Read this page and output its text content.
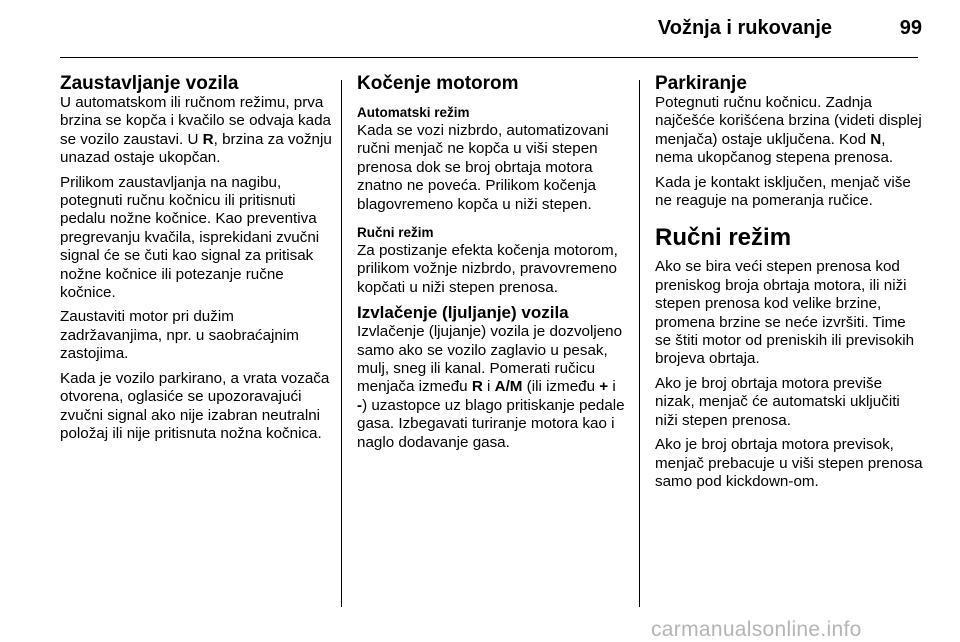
Vožnja i rukovanje	99
Zaustavljanje vozila

U automatskom ili ručnom režimu, prva brzina se kopča i kvačilo se odvaja kada se vozilo zaustavi. U R, brzina za vožnju unazad ostaje ukopčan.

Prilikom zaustavljanja na nagibu, potegnuti ručnu kočnicu ili pritisnuti pedalu nožne kočnice. Kao preventiva pregrevanju kvačila, isprekidani zvučni signal će se čuti kao signal za pritisak nožne kočnice ili potezanje ručne kočnice.

Zaustaviti motor pri dužim zadržavanjima, npr. u saobraćajnim zastojima.

Kada je vozilo parkirano, a vrata vozača otvorena, oglasiće se upozoravajući zvučni signal ako nije izabran neutralni položaj ili nije pritisnuta nožna kočnica.

Kočenje motorom
Automatski režim

Kada se vozi nizbrdo, automatizovani ručni menjač ne kopča u viši stepen prenosa dok se broj obrtaja motora znatno ne poveća. Prilikom kočenja blagovremeno kopča u niži stepen.

Ručni režim

Za postizanje efekta kočenja motorom, prilikom vožnje nizbrdo, pravovremeno kopčati u niži stepen prenosa.

Izvlačenje (ljuljanje) vozila

Izvlačenje (ljujanje) vozila je dozvoljeno samo ako se vozilo zaglavio u pesak, mulj, sneg ili kanal. Pomerati ručicu menjača između R i A/M (ili između + i -) uzastopce uz blago pritiskanje pedale gasa. Izbegavati turiranje motora kao i naglo dodavanje gasa.

Parkiranje

Potegnuti ručnu kočnicu. Zadnja najčešće korišćena brzina (videti displej menjača) ostaje uključena. Kod N, nema ukopčanog stepena prenosa.

Kada je kontakt isključen, menjač više ne reaguje na pomeranja ručice.

Ručni režim

Ako se bira veći stepen prenosa kod preniskog broja obrtaja motora, ili niži stepen prenosa kod velike brzine, promena brzine se neće izvršiti. Time se štiti motor od preniskih ili previsokih brojeva obrtaja.

Ako je broj obrtaja motora previše nizak, menjač će automatski uključiti niži stepen prenosa.

Ako je broj obrtaja motora previsok, menjač prebacuje u viši stepen prenosa samo pod kickdown-om.

carmanualsonline.info
